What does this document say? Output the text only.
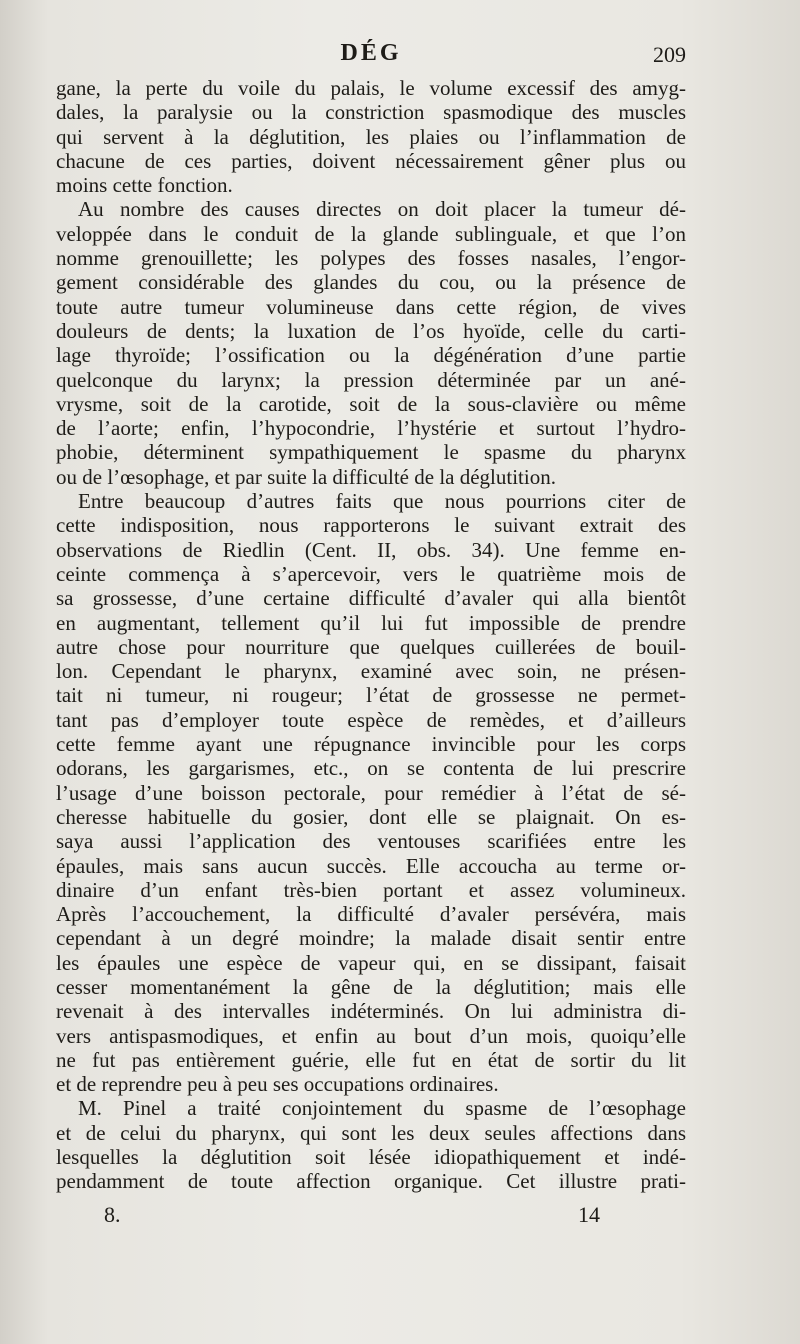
DÉG	209
gane, la perte du voile du palais, le volume excessif des amyg-
dales, la paralysie ou la constriction spasmodique des muscles
qui servent à la déglutition, les plaies ou l’inflammation de
chacune de ces parties, doivent nécessairement gêner plus ou
moins cette fonction.
Au nombre des causes directes on doit placer la tumeur dé-
veloppée dans le conduit de la glande sublinguale, et que l’on
nomme grenouillette; les polypes des fosses nasales, l’engor-
gement considérable des glandes du cou, ou la présence de
toute autre tumeur volumineuse dans cette région, de vives
douleurs de dents; la luxation de l’os hyoïde, celle du carti-
lage thyroïde; l’ossification ou la dégénération d’une partie
quelconque du larynx; la pression déterminée par un ané-
vrysme, soit de la carotide, soit de la sous-clavière ou même
de l’aorte; enfin, l’hypocondrie, l’hystérie et surtout l’hydro-
phobie, déterminent sympathiquement le spasme du pharynx
ou de l’œsophage, et par suite la difficulté de la déglutition.
Entre beaucoup d’autres faits que nous pourrions citer de
cette indisposition, nous rapporterons le suivant extrait des
observations de Riedlin (Cent. II, obs. 34). Une femme en-
ceinte commença à s’apercevoir, vers le quatrième mois de
sa grossesse, d’une certaine difficulté d’avaler qui alla bientôt
en augmentant, tellement qu’il lui fut impossible de prendre
autre chose pour nourriture que quelques cuillerées de bouil-
lon. Cependant le pharynx, examiné avec soin, ne présen-
tait ni tumeur, ni rougeur; l’état de grossesse ne permet-
tant pas d’employer toute espèce de remèdes, et d’ailleurs
cette femme ayant une répugnance invincible pour les corps
odorans, les gargarismes, etc., on se contenta de lui prescrire
l’usage d’une boisson pectorale, pour remédier à l’état de sé-
cheresse habituelle du gosier, dont elle se plaignait. On es-
saya aussi l’application des ventouses scarifiées entre les
épaules, mais sans aucun succès. Elle accoucha au terme or-
dinaire d’un enfant très-bien portant et assez volumineux.
Après l’accouchement, la difficulté d’avaler persévéra, mais
cependant à un degré moindre; la malade disait sentir entre
les épaules une espèce de vapeur qui, en se dissipant, faisait
cesser momentanément la gêne de la déglutition; mais elle
revenait à des intervalles indéterminés. On lui administra di-
vers antispasmodiques, et enfin au bout d’un mois, quoiqu’elle
ne fut pas entièrement guérie, elle fut en état de sortir du lit
et de reprendre peu à peu ses occupations ordinaires.
M. Pinel a traité conjointement du spasme de l’œsophage
et de celui du pharynx, qui sont les deux seules affections dans
lesquelles la déglutition soit lésée idiopathiquement et indé-
pendamment de toute affection organique. Cet illustre prati-
8.	14
